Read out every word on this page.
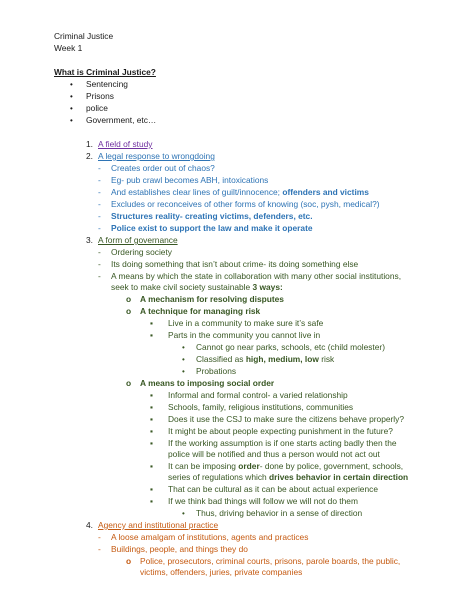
Criminal Justice
Week 1
What is Criminal Justice?
• Sentencing
• Prisons
• police
• Government, etc…
1. A field of study
2. A legal response to wrongdoing
- Creates order out of chaos?
- Eg- pub crawl becomes ABH, intoxications
- And establishes clear lines of guilt/innocence; offenders and victims
- Excludes or reconceives of other forms of knowing (soc, pysh, medical?)
- Structures reality- creating victims, defenders, etc.
- Police exist to support the law and make it operate
3. A form of governance
- Ordering society
- Its doing something that isn’t about crime- its doing something else
- A means by which the state in collaboration with many other social institutions,
seek to make civil society sustainable 3 ways:
o A mechanism for resolving disputes
o A technique for managing risk
▪ Live in a community to make sure it’s safe
▪ Parts in the community you cannot live in
• Cannot go near parks, schools, etc (child molester)
• Classified as high, medium, low risk
• Probations
o A means to imposing social order
▪ Informal and formal control- a varied relationship
▪ Schools, family, religious institutions, communities
▪ Does it use the CSJ to make sure the citizens behave properly?
▪ It might be about people expecting punishment in the future?
▪ If the working assumption is if one starts acting badly then the
police will be notified and thus a person would not act out
▪ It can be imposing order- done by police, government, schools,
series of regulations which drives behavior in certain direction
▪ That can be cultural as it can be about actual experience
▪ If we think bad things will follow we will not do them
• Thus, driving behavior in a sense of direction
4. Agency and institutional practice
- A loose amalgam of institutions, agents and practices
- Buildings, people, and things they do
o Police, prosecutors, criminal courts, prisons, parole boards, the public,
victims, offenders, juries, private companies
